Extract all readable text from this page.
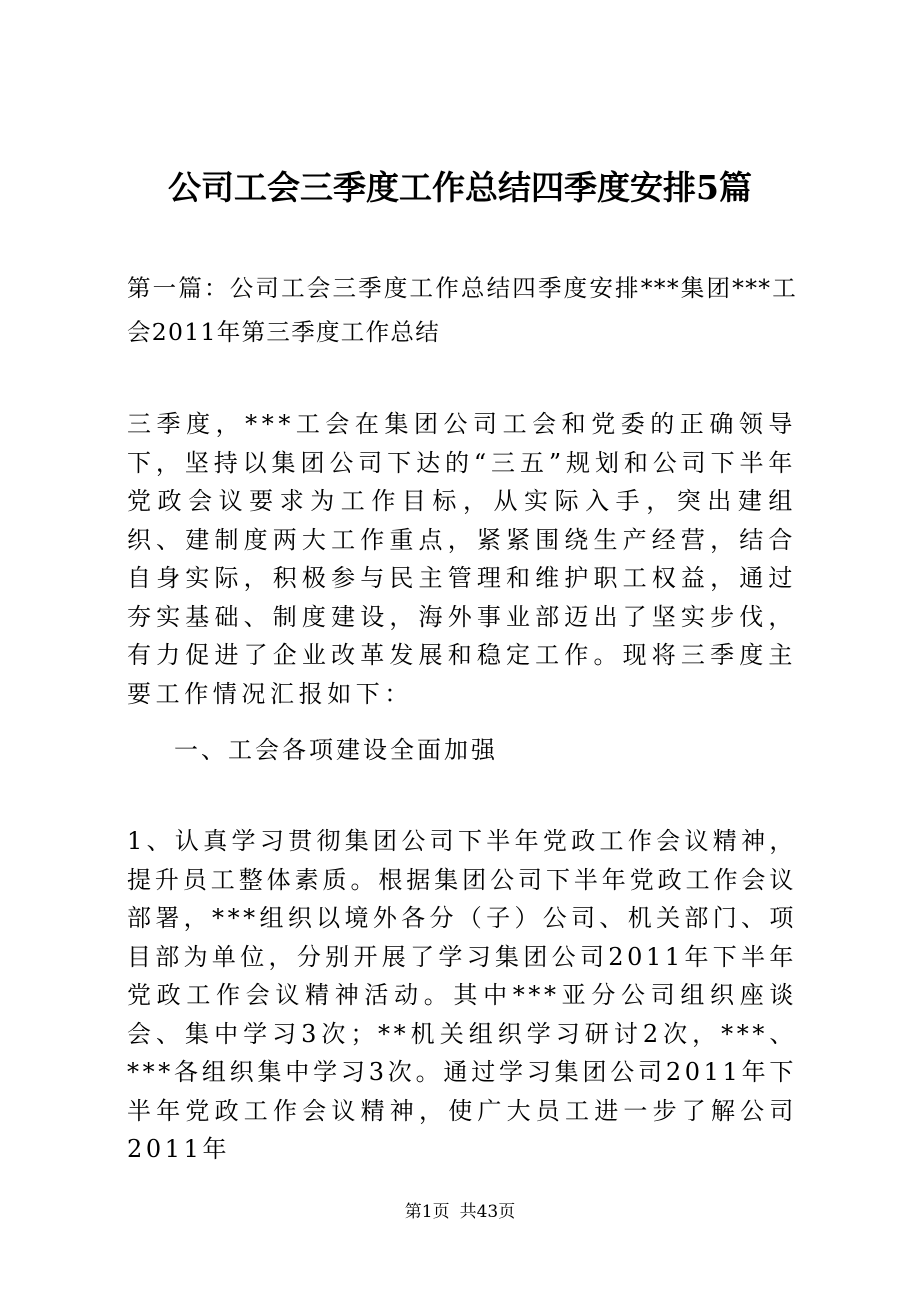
公司工会三季度工作总结四季度安排5篇
第一篇：公司工会三季度工作总结四季度安排***集团***工会2011年第三季度工作总结
三季度，***工会在集团公司工会和党委的正确领导下，坚持以集团公司下达的“三五”规划和公司下半年党政会议要求为工作目标，从实际入手，突出建组织、建制度两大工作重点，紧紧围绕生产经营，结合自身实际，积极参与民主管理和维护职工权益，通过夯实基础、制度建设，海外事业部迈出了坚实步伐，有力促进了企业改革发展和稳定工作。现将三季度主要工作情况汇报如下：
一、工会各项建设全面加强
1、认真学习贯彻集团公司下半年党政工作会议精神，提升员工整体素质。根据集团公司下半年党政工作会议部署，***组织以境外各分（子）公司、机关部门、项目部为单位，分别开展了学习集团公司2011年下半年党政工作会议精神活动。其中***亚分公司组织座谈会、集中学习3次；**机关组织学习研讨2次，***、***各组织集中学习3次。通过学习集团公司2011年下半年党政工作会议精神，使广大员工进一步了解公司2011年
第1页 共43页
